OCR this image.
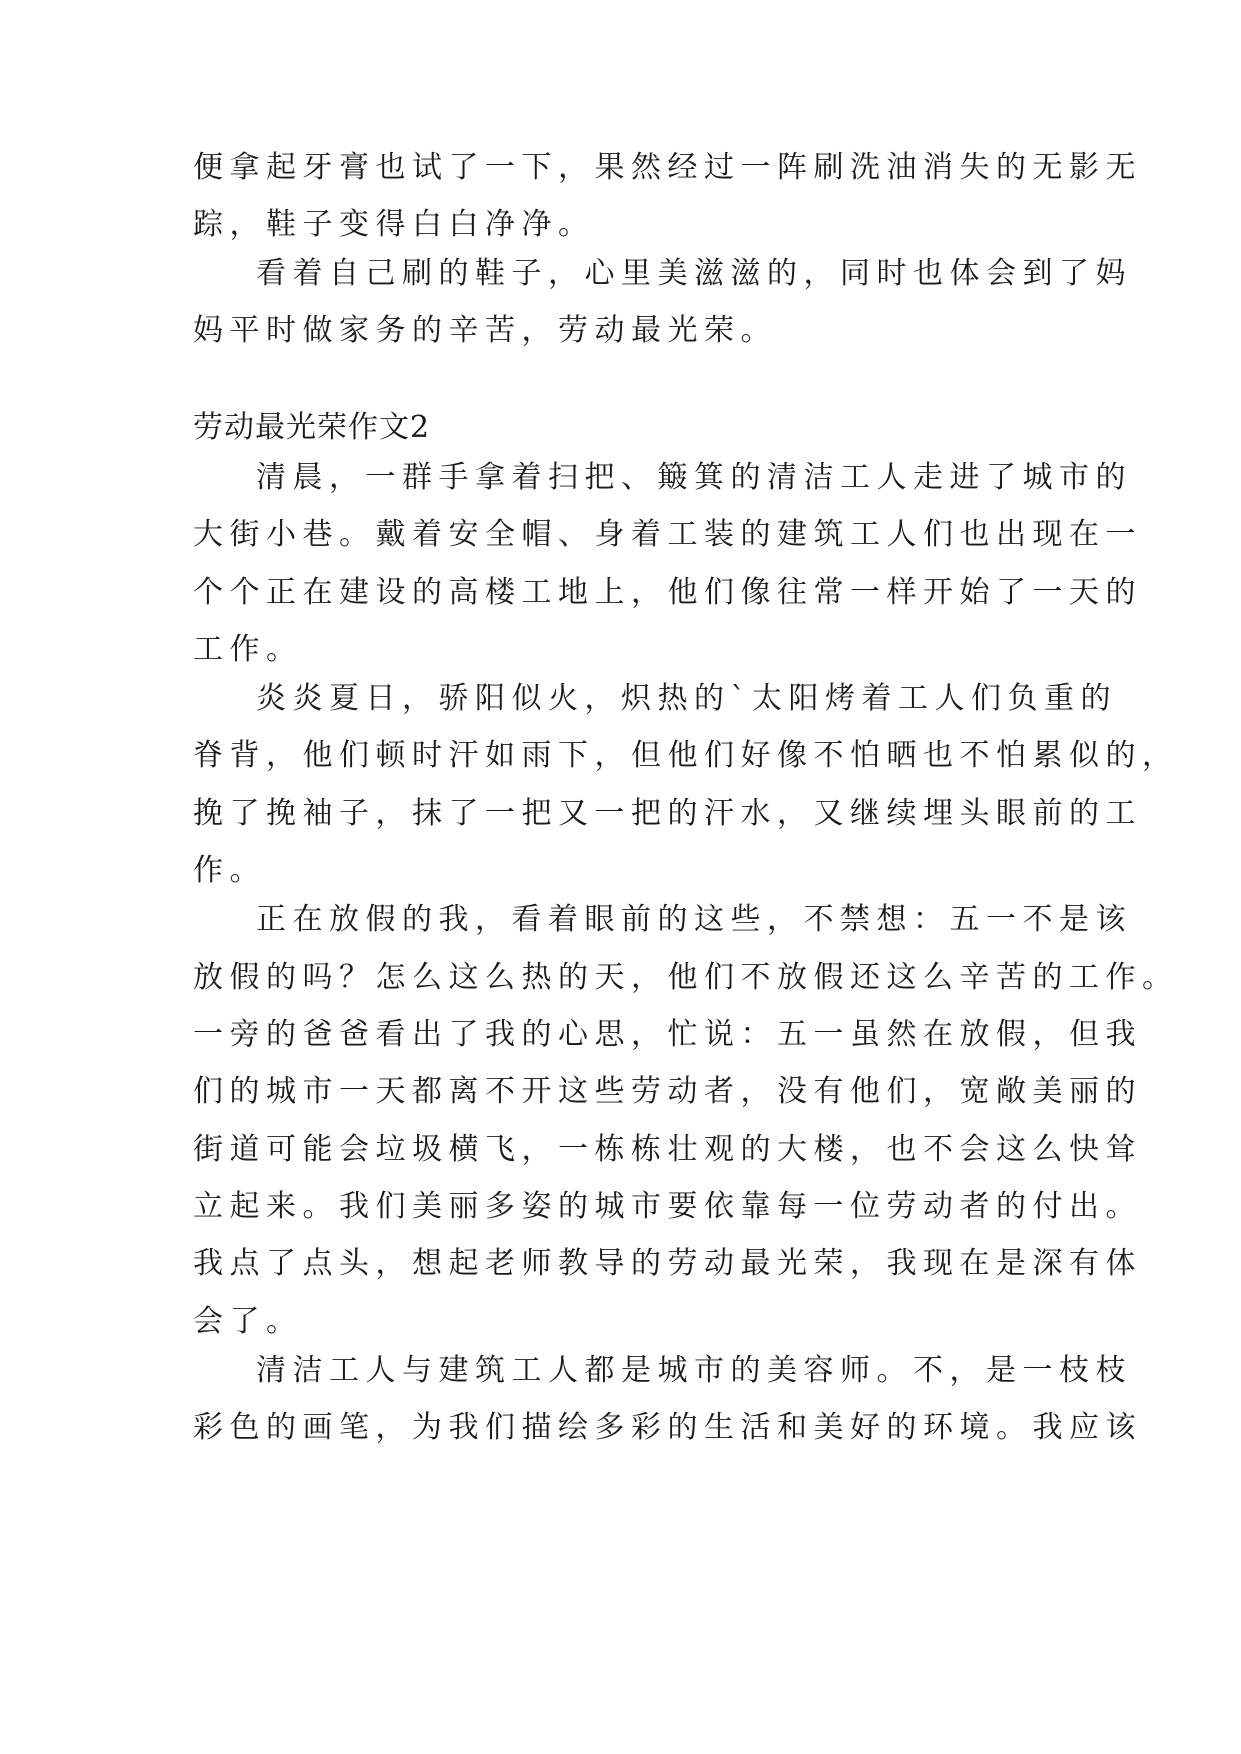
便拿起牙膏也试了一下，果然经过一阵刷洗油消失的无影无
踪，鞋子变得白白净净。
看着自己刷的鞋子，心里美滋滋的，同时也体会到了妈
妈平时做家务的辛苦，劳动最光荣。
劳动最光荣作文2
清晨，一群手拿着扫把、簸箕的清洁工人走进了城市的
大街小巷。戴着安全帽、身着工装的建筑工人们也出现在一
个个正在建设的高楼工地上，他们像往常一样开始了一天的
工作。
炎炎夏日，骄阳似火，炽热的`太阳烤着工人们负重的
脊背，他们顿时汗如雨下，但他们好像不怕晒也不怕累似的，
挽了挽袖子，抹了一把又一把的汗水，又继续埋头眼前的工
作。
正在放假的我，看着眼前的这些，不禁想：五一不是该
放假的吗？怎么这么热的天，他们不放假还这么辛苦的工作。
一旁的爸爸看出了我的心思，忙说：五一虽然在放假，但我
们的城市一天都离不开这些劳动者，没有他们，宽敞美丽的
街道可能会垃圾横飞，一栋栋壮观的大楼，也不会这么快耸
立起来。我们美丽多姿的城市要依靠每一位劳动者的付出。
我点了点头，想起老师教导的劳动最光荣，我现在是深有体
会了。
清洁工人与建筑工人都是城市的美容师。不，是一枝枝
彩色的画笔，为我们描绘多彩的生活和美好的环境。我应该
